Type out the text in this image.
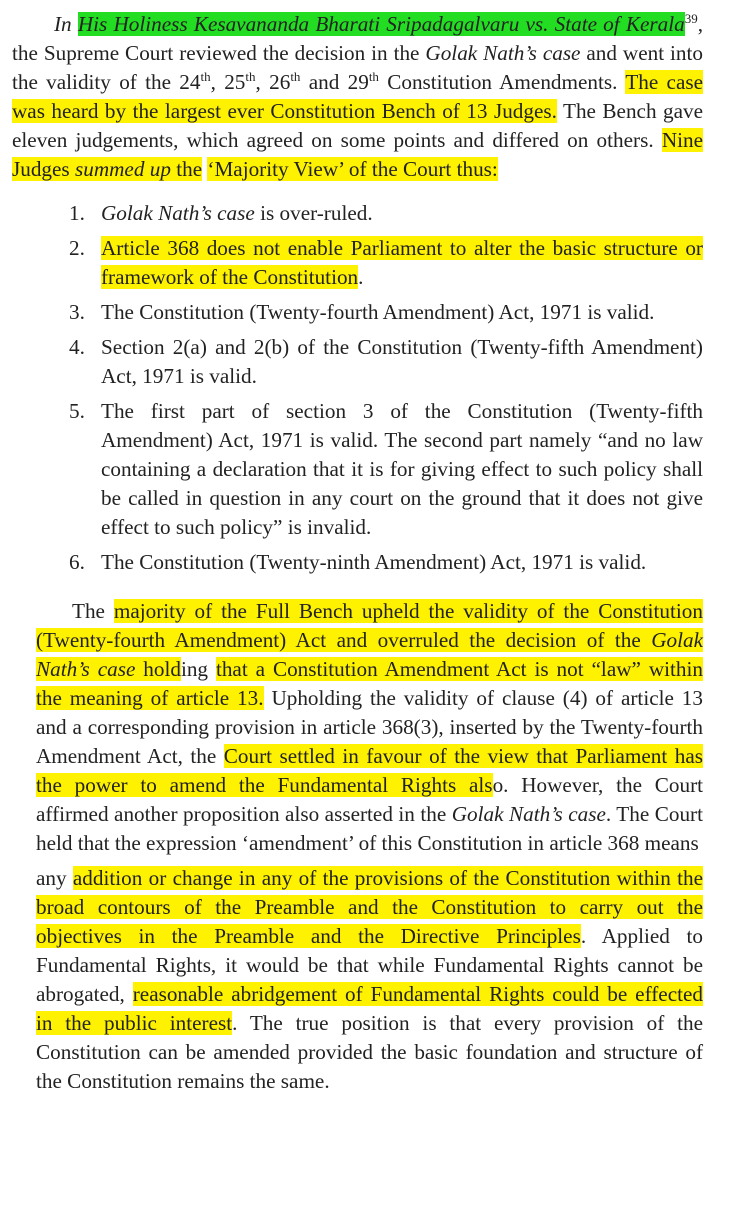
In His Holiness Kesavananda Bharati Sripadagalvaru vs. State of Kerala$^{39}$, the Supreme Court reviewed the decision in the Golak Nath’s case and went into the validity of the 24th, 25th, 26th and 29th Constitution Amendments. The case was heard by the largest ever Constitution Bench of 13 Judges. The Bench gave eleven judgements, which agreed on some points and differed on others. Nine Judges summed up the ‘Majority View’ of the Court thus:

1. Golak Nath’s case is over-ruled.
2. Article 368 does not enable Parliament to alter the basic structure or framework of the Constitution.
3. The Constitution (Twenty-fourth Amendment) Act, 1971 is valid.
4. Section 2(a) and 2(b) of the Constitution (Twenty-fifth Amendment) Act, 1971 is valid.
5. The first part of section 3 of the Constitution (Twenty-fifth Amendment) Act, 1971 is valid. The second part namely “and no law containing a declaration that it is for giving effect to such policy shall be called in question in any court on the ground that it does not give effect to such policy” is invalid.
6. The Constitution (Twenty-ninth Amendment) Act, 1971 is valid.

The majority of the Full Bench upheld the validity of the Constitution (Twenty-fourth Amendment) Act and overruled the decision of the Golak Nath’s case holding that a Constitution Amendment Act is not “law” within the meaning of article 13. Upholding the validity of clause (4) of article 13 and a corresponding provision in article 368(3), inserted by the Twenty-fourth Amendment Act, the Court settled in favour of the view that Parliament has the power to amend the Fundamental Rights also. However, the Court affirmed another proposition also asserted in the Golak Nath’s case. The Court held that the expression ‘amendment’ of this Constitution in article 368 means
any addition or change in any of the provisions of the Constitution within the broad contours of the Preamble and the Constitution to carry out the objectives in the Preamble and the Directive Principles. Applied to Fundamental Rights, it would be that while Fundamental Rights cannot be abrogated, reasonable abridgement of Fundamental Rights could be effected in the public interest. The true position is that every provision of the Constitution can be amended provided the basic foundation and structure of the Constitution remains the same.
